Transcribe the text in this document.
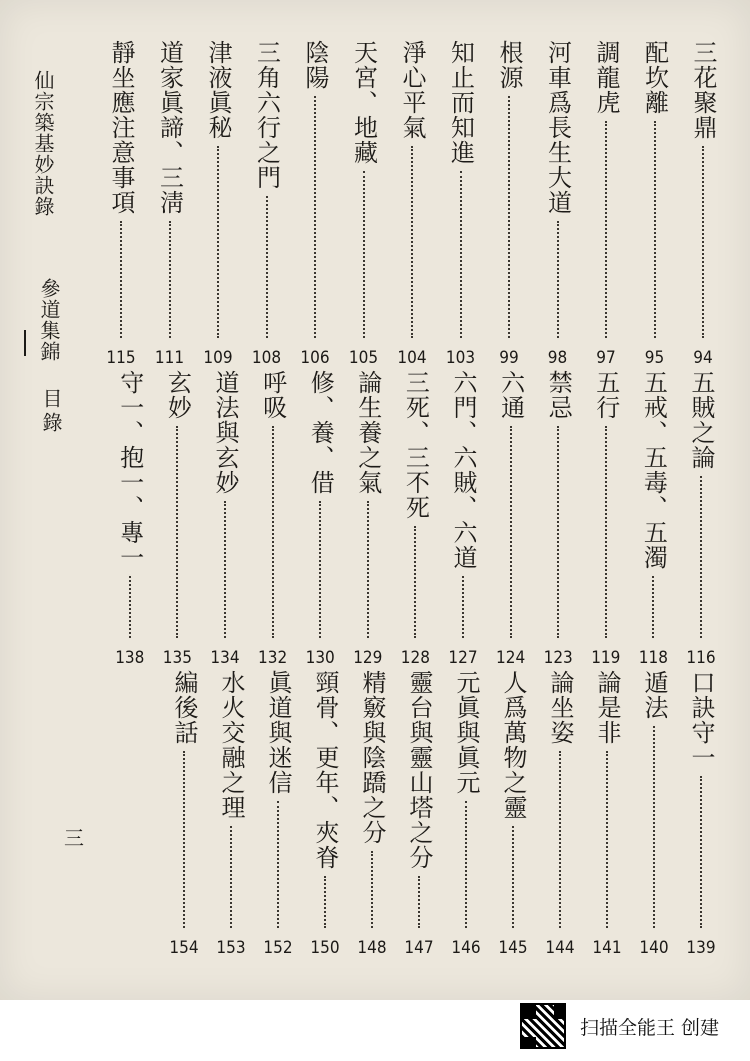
三花聚鼎
94
配坎離
95
調龍虎
97
河車爲長生大道
98
根源
99
知止而知進
103
淨心平氣
104
天宮、地藏
105
陰陽
106
三角六行之門
108
津液眞秘
109
道家眞諦、三淸
111
靜坐應注意事項
115
五賊之論
116
五戒、五毒、五濁
118
五行
119
禁忌
123
六通
124
六門、六賊、六道
127
三死、三不死
128
論生養之氣
129
修、養、借
130
呼吸
132
道法與玄妙
134
玄妙
135
守一、抱一、專一
138
口訣守一
139
遁法
140
論是非
141
論坐姿
144
人爲萬物之靈
145
元眞與眞元
146
靈台與靈山塔之分
147
精竅與陰蹻之分
148
頸骨、更年、夾脊
150
眞道與迷信
152
水火交融之理
153
編後話
154
仙宗築基妙訣錄
參道集錦
目錄
三
扫描全能王 创建
